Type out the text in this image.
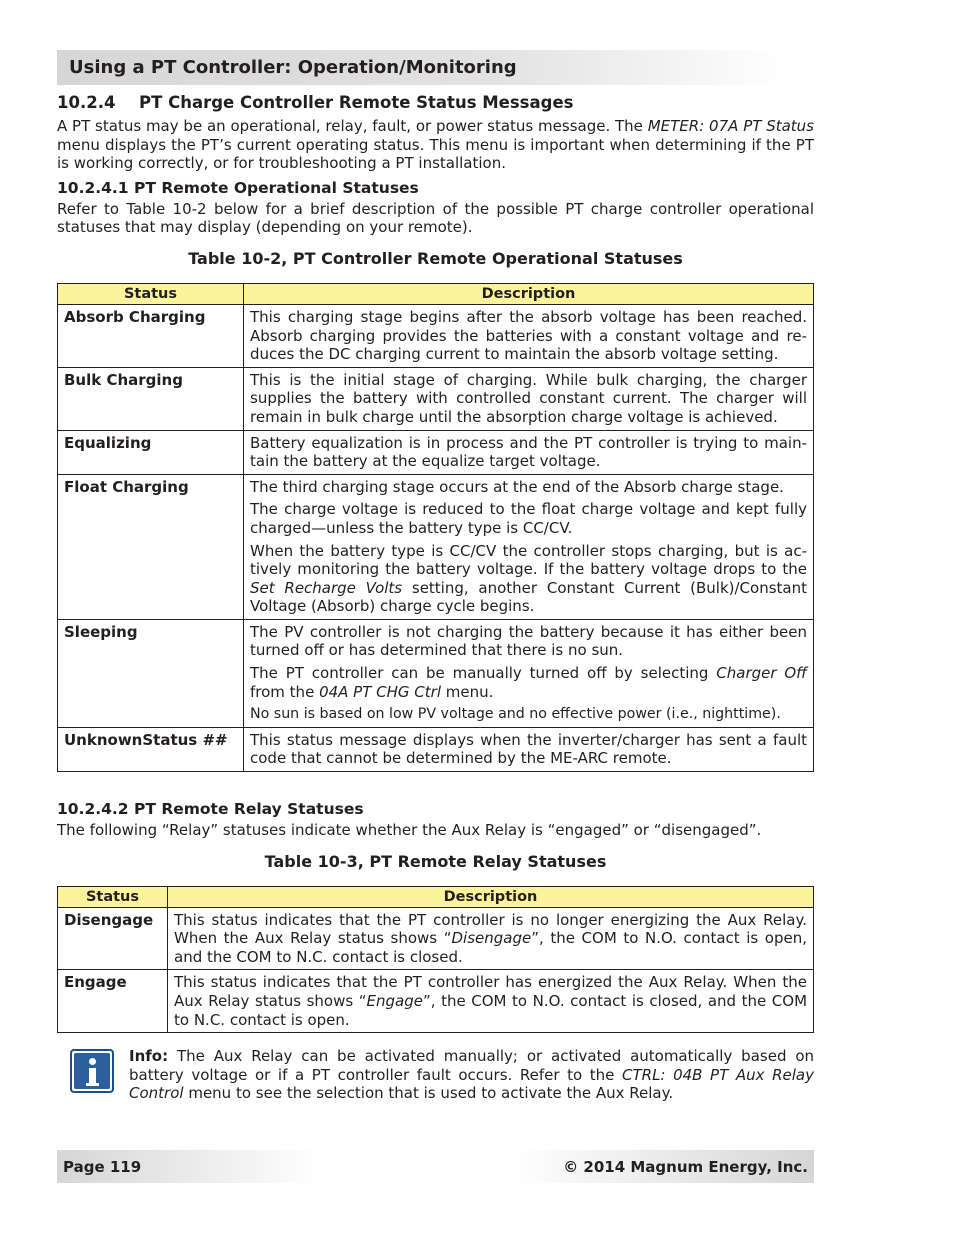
Using a PT Controller: Operation/Monitoring
10.2.4 PT Charge Controller Remote Status Messages

A PT status may be an operational, relay, fault, or power status message. The METER: 07A PT Status menu displays the PT’s current operating status. This menu is important when determining if the PT is working correctly, or for troubleshooting a PT installation.

10.2.4.1 PT Remote Operational Statuses

Refer to Table 10-2 below for a brief description of the possible PT charge controller operational statuses that may display (depending on your remote).

Table 10-2, PT Controller Remote Operational Statuses
Status	Description
Absorb Charging	This charging stage begins after the absorb voltage has been reached. Absorb charging provides the batteries with a constant voltage and re-duces the DC charging current to maintain the absorb voltage setting.

Bulk Charging	This is the initial stage of charging. While bulk charging, the charger supplies the battery with controlled constant current. The charger will remain in bulk charge until the absorption charge voltage is achieved.

Equalizing	Battery equalization is in process and the PT controller is trying to main-tain the battery at the equalize target voltage.

Float Charging	The third charging stage occurs at the end of the Absorb charge stage.

The charge voltage is reduced to the float charge voltage and kept fully charged—unless the battery type is CC/CV.

When the battery type is CC/CV the controller stops charging, but is ac-tively monitoring the battery voltage. If the battery voltage drops to the Set Recharge Volts setting, another Constant Current (Bulk)/Constant Voltage (Absorb) charge cycle begins.

Sleeping	The PV controller is not charging the battery because it has either been turned off or has determined that there is no sun.

The PT controller can be manually turned off by selecting Charger Off from the 04A PT CHG Ctrl menu.

No sun is based on low PV voltage and no effective power (i.e., nighttime).

UnknownStatus ##	This status message displays when the inverter/charger has sent a fault code that cannot be determined by the ME-ARC remote.

10.2.4.2 PT Remote Relay Statuses

The following “Relay” statuses indicate whether the Aux Relay is “engaged” or “disengaged”.

Table 10-3, PT Remote Relay Statuses
Status	Description
Disengage	This status indicates that the PT controller is no longer energizing the Aux Relay. When the Aux Relay status shows “Disengage”, the COM to N.O. contact is open, and the COM to N.C. contact is closed.

Engage	This status indicates that the PT controller has energized the Aux Relay. When the Aux Relay status shows “Engage”, the COM to N.O. contact is closed, and the COM to N.C. contact is open.

Info: The Aux Relay can be activated manually; or activated automatically based on battery voltage or if a PT controller fault occurs. Refer to the CTRL: 04B PT Aux Relay Control menu to see the selection that is used to activate the Aux Relay.

Page 119	© 2014 Magnum Energy, Inc.
